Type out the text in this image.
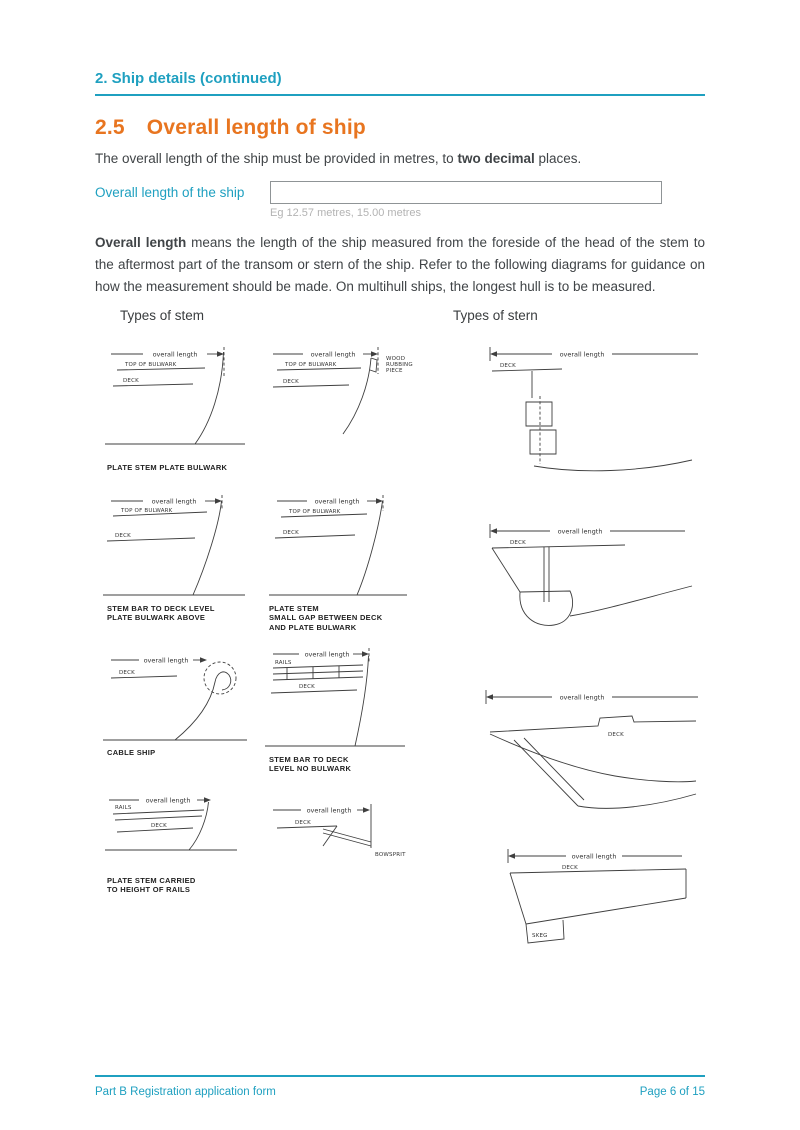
2. Ship details (continued)
2.5 Overall length of ship

The overall length of the ship must be provided in metres, to two decimal places.

Overall length of the ship
Eg 12.57 metres, 15.00 metres

Overall length means the length of the ship measured from the foreside of the head of the stem to the aftermost part of the transom or stern of the ship. Refer to the following diagrams for guidance on how the measurement should be made. On multihull ships, the longest hull is to be measured.

Types of stem	Types of stern
overall length
TOP OF BULWARK
DECK
PLATE STEM PLATE BULWARK
overall length
TOP OF BULWARK
DECK
WOOD
RUBBING
PIECE
overall length
TOP OF BULWARK
DECK
STEM BAR TO DECK LEVEL
PLATE BULWARK ABOVE
overall length
TOP OF BULWARK
DECK
PLATE STEM
SMALL GAP BETWEEN DECK
AND PLATE BULWARK
overall length
DECK
CABLE SHIP
overall length
RAILS
DECK
STEM BAR TO DECK
LEVEL NO BULWARK
overall length
RAILS
DECK
PLATE STEM CARRIED
TO HEIGHT OF RAILS
overall length
DECK
BOWSPRIT
overall length
DECK
overall length
DECK
overall length
DECK
overall length
DECK
SKEG
Part B Registration application form	Page 6 of 15
